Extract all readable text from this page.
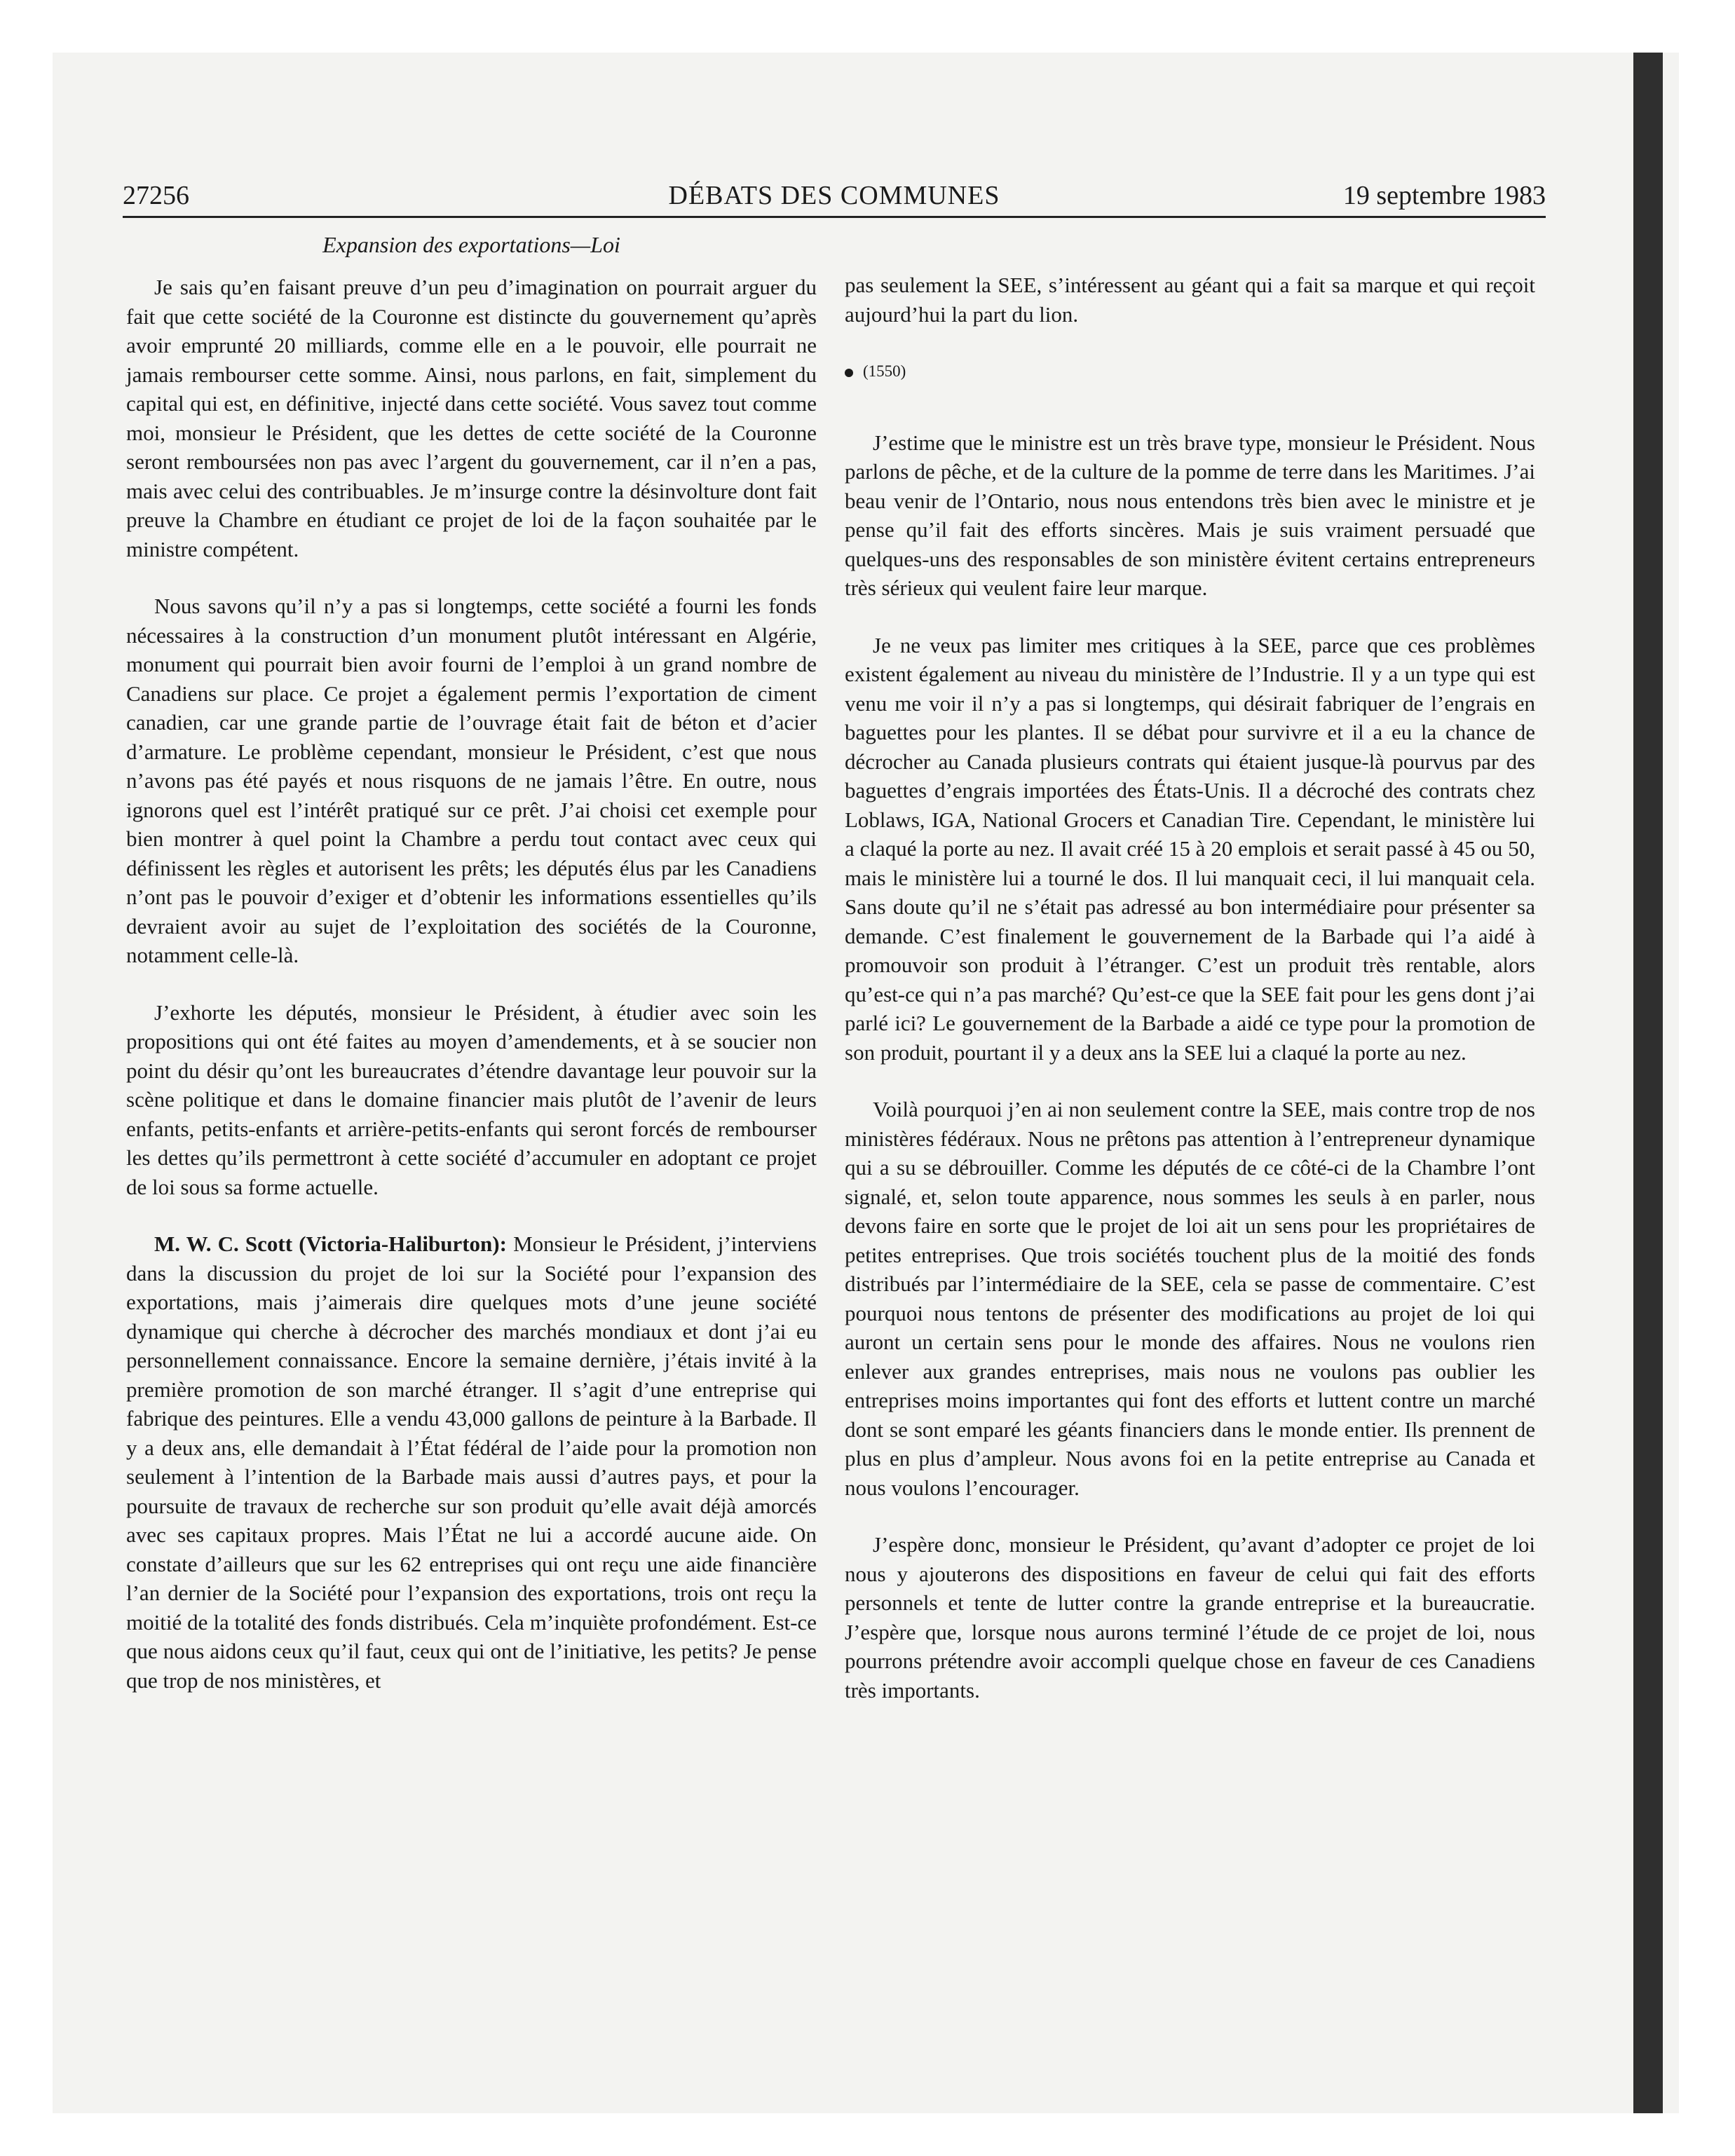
27256	DÉBATS DES COMMUNES	19 septembre 1983
Expansion des exportations—Loi

Je sais qu’en faisant preuve d’un peu d’imagination on pourrait arguer du fait que cette société de la Couronne est distincte du gouvernement qu’après avoir emprunté 20 milliards, comme elle en a le pouvoir, elle pourrait ne jamais rembourser cette somme. Ainsi, nous parlons, en fait, simplement du capital qui est, en définitive, injecté dans cette société. Vous savez tout comme moi, monsieur le Président, que les dettes de cette société de la Couronne seront remboursées non pas avec l’argent du gouvernement, car il n’en a pas, mais avec celui des contribuables. Je m’insurge contre la désinvolture dont fait preuve la Chambre en étudiant ce projet de loi de la façon souhaitée par le ministre compétent.

Nous savons qu’il n’y a pas si longtemps, cette société a fourni les fonds nécessaires à la construction d’un monument plutôt intéressant en Algérie, monument qui pourrait bien avoir fourni de l’emploi à un grand nombre de Canadiens sur place. Ce projet a également permis l’exportation de ciment canadien, car une grande partie de l’ouvrage était fait de béton et d’acier d’armature. Le problème cependant, monsieur le Président, c’est que nous n’avons pas été payés et nous risquons de ne jamais l’être. En outre, nous ignorons quel est l’intérêt pratiqué sur ce prêt. J’ai choisi cet exemple pour bien montrer à quel point la Chambre a perdu tout contact avec ceux qui définissent les règles et autorisent les prêts; les députés élus par les Canadiens n’ont pas le pouvoir d’exiger et d’obtenir les informations essentielles qu’ils devraient avoir au sujet de l’exploitation des sociétés de la Couronne, notamment celle-là.

J’exhorte les députés, monsieur le Président, à étudier avec soin les propositions qui ont été faites au moyen d’amendements, et à se soucier non point du désir qu’ont les bureaucrates d’étendre davantage leur pouvoir sur la scène politique et dans le domaine financier mais plutôt de l’avenir de leurs enfants, petits-enfants et arrière-petits-enfants qui seront forcés de rembourser les dettes qu’ils permettront à cette société d’accumuler en adoptant ce projet de loi sous sa forme actuelle.

M. W. C. Scott (Victoria-Haliburton): Monsieur le Président, j’interviens dans la discussion du projet de loi sur la Société pour l’expansion des exportations, mais j’aimerais dire quelques mots d’une jeune société dynamique qui cherche à décrocher des marchés mondiaux et dont j’ai eu personnellement connaissance. Encore la semaine dernière, j’étais invité à la première promotion de son marché étranger. Il s’agit d’une entreprise qui fabrique des peintures. Elle a vendu 43,000 gallons de peinture à la Barbade. Il y a deux ans, elle demandait à l’État fédéral de l’aide pour la promotion non seulement à l’intention de la Barbade mais aussi d’autres pays, et pour la poursuite de travaux de recherche sur son produit qu’elle avait déjà amorcés avec ses capitaux propres. Mais l’État ne lui a accordé aucune aide. On constate d’ailleurs que sur les 62 entreprises qui ont reçu une aide financière l’an dernier de la Société pour l’expansion des exportations, trois ont reçu la moitié de la totalité des fonds distribués. Cela m’inquiète profondément. Est-ce que nous aidons ceux qu’il faut, ceux qui ont de l’initiative, les petits? Je pense que trop de nos ministères, et

pas seulement la SEE, s’intéressent au géant qui a fait sa marque et qui reçoit aujourd’hui la part du lion.

(1550)

J’estime que le ministre est un très brave type, monsieur le Président. Nous parlons de pêche, et de la culture de la pomme de terre dans les Maritimes. J’ai beau venir de l’Ontario, nous nous entendons très bien avec le ministre et je pense qu’il fait des efforts sincères. Mais je suis vraiment persuadé que quelques-uns des responsables de son ministère évitent certains entrepreneurs très sérieux qui veulent faire leur marque.

Je ne veux pas limiter mes critiques à la SEE, parce que ces problèmes existent également au niveau du ministère de l’Industrie. Il y a un type qui est venu me voir il n’y a pas si longtemps, qui désirait fabriquer de l’engrais en baguettes pour les plantes. Il se débat pour survivre et il a eu la chance de décrocher au Canada plusieurs contrats qui étaient jusque-là pourvus par des baguettes d’engrais importées des États-Unis. Il a décroché des contrats chez Loblaws, IGA, National Grocers et Canadian Tire. Cependant, le ministère lui a claqué la porte au nez. Il avait créé 15 à 20 emplois et serait passé à 45 ou 50, mais le ministère lui a tourné le dos. Il lui manquait ceci, il lui manquait cela. Sans doute qu’il ne s’était pas adressé au bon intermédiaire pour présenter sa demande. C’est finalement le gouvernement de la Barbade qui l’a aidé à promouvoir son produit à l’étranger. C’est un produit très rentable, alors qu’est-ce qui n’a pas marché? Qu’est-ce que la SEE fait pour les gens dont j’ai parlé ici? Le gouvernement de la Barbade a aidé ce type pour la promotion de son produit, pourtant il y a deux ans la SEE lui a claqué la porte au nez.

Voilà pourquoi j’en ai non seulement contre la SEE, mais contre trop de nos ministères fédéraux. Nous ne prêtons pas attention à l’entrepreneur dynamique qui a su se débrouiller. Comme les députés de ce côté-ci de la Chambre l’ont signalé, et, selon toute apparence, nous sommes les seuls à en parler, nous devons faire en sorte que le projet de loi ait un sens pour les propriétaires de petites entreprises. Que trois sociétés touchent plus de la moitié des fonds distribués par l’intermédiaire de la SEE, cela se passe de commentaire. C’est pourquoi nous tentons de présenter des modifications au projet de loi qui auront un certain sens pour le monde des affaires. Nous ne voulons rien enlever aux grandes entreprises, mais nous ne voulons pas oublier les entreprises moins importantes qui font des efforts et luttent contre un marché dont se sont emparé les géants financiers dans le monde entier. Ils prennent de plus en plus d’ampleur. Nous avons foi en la petite entreprise au Canada et nous voulons l’encourager.

J’espère donc, monsieur le Président, qu’avant d’adopter ce projet de loi nous y ajouterons des dispositions en faveur de celui qui fait des efforts personnels et tente de lutter contre la grande entreprise et la bureaucratie. J’espère que, lorsque nous aurons terminé l’étude de ce projet de loi, nous pourrons prétendre avoir accompli quelque chose en faveur de ces Canadiens très importants.
